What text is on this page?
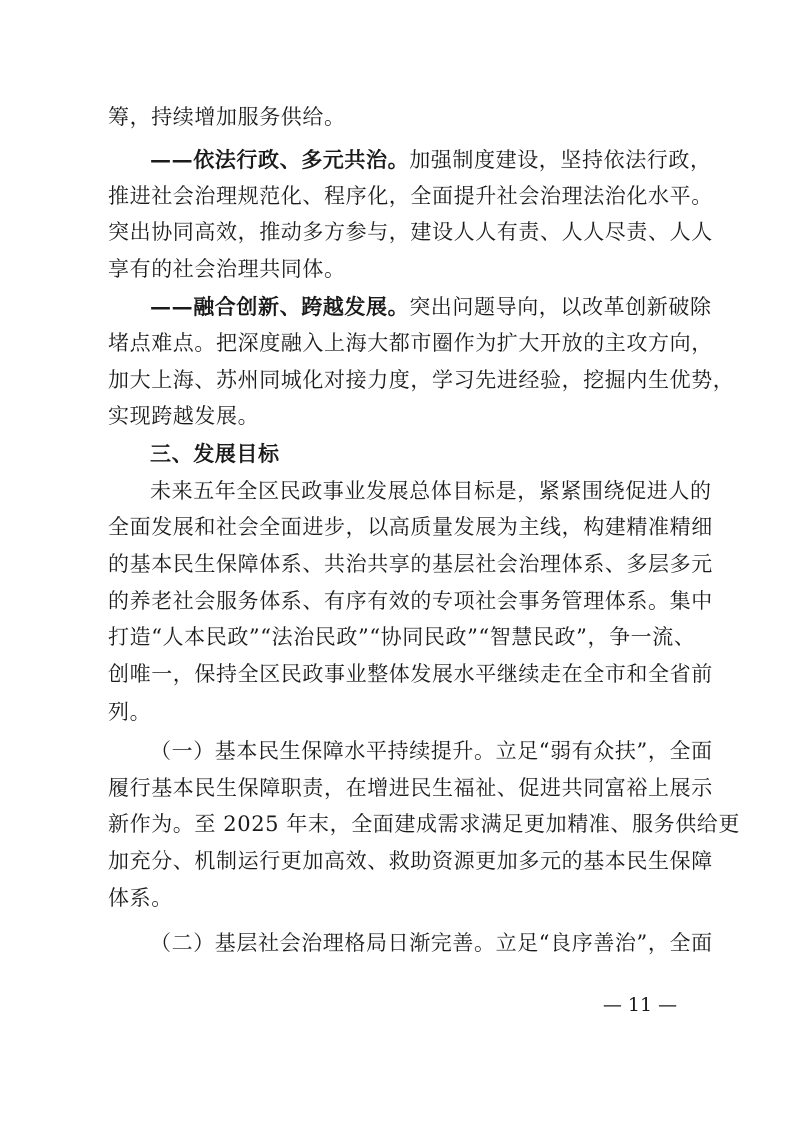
筹，持续增加服务供给。
——依法行政、多元共治。加强制度建设，坚持依法行政，
推进社会治理规范化、程序化，全面提升社会治理法治化水平。
突出协同高效，推动多方参与，建设人人有责、人人尽责、人人
享有的社会治理共同体。
——融合创新、跨越发展。突出问题导向，以改革创新破除
堵点难点。把深度融入上海大都市圈作为扩大开放的主攻方向，
加大上海、苏州同城化对接力度，学习先进经验，挖掘内生优势，
实现跨越发展。
三、发展目标
未来五年全区民政事业发展总体目标是，紧紧围绕促进人的
全面发展和社会全面进步，以高质量发展为主线，构建精准精细
的基本民生保障体系、共治共享的基层社会治理体系、多层多元
的养老社会服务体系、有序有效的专项社会事务管理体系。集中
打造“人本民政”“法治民政”“协同民政”“智慧民政”，争一流、
创唯一，保持全区民政事业整体发展水平继续走在全市和全省前
列。
（一）基本民生保障水平持续提升。立足“弱有众扶”，全面
履行基本民生保障职责，在增进民生福祉、促进共同富裕上展示
新作为。至 2025 年末，全面建成需求满足更加精准、服务供给更
加充分、机制运行更加高效、救助资源更加多元的基本民生保障
体系。
（二）基层社会治理格局日渐完善。立足“良序善治”，全面
— 11 —
